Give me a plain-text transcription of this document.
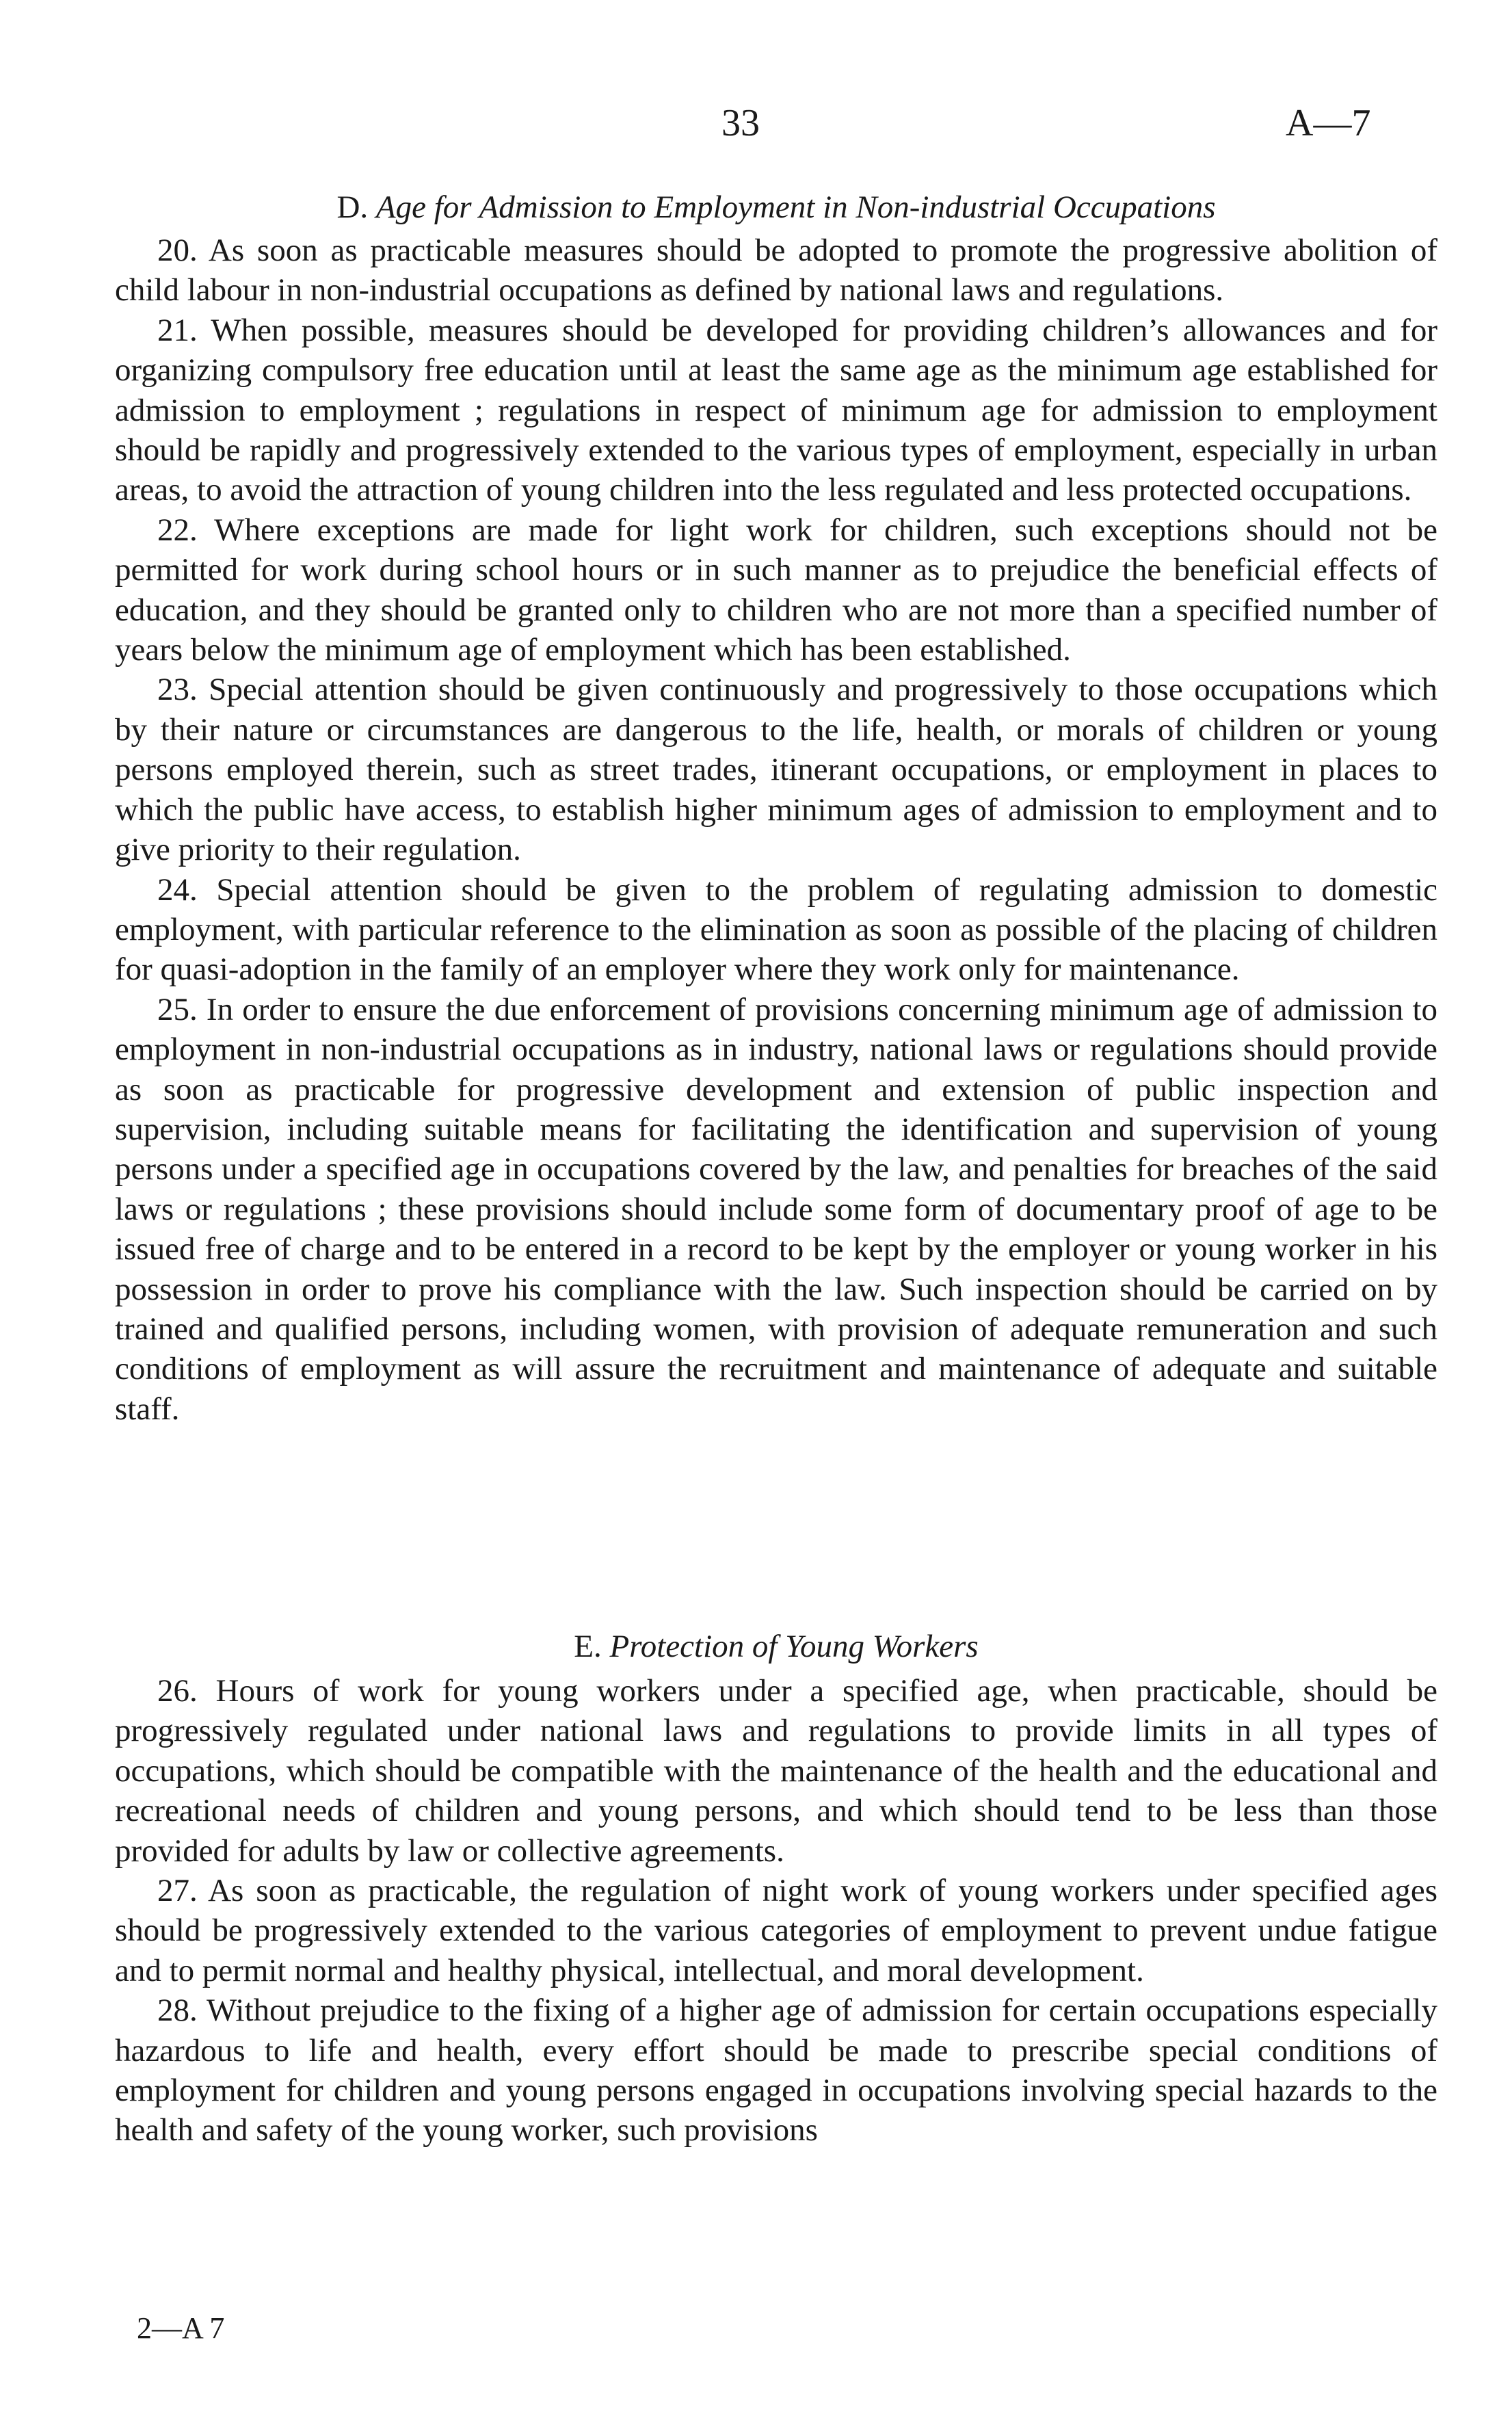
33	A—7
D. Age for Admission to Employment in Non-industrial Occupations

20. As soon as practicable measures should be adopted to promote the progressive abolition of child labour in non-industrial occupations as defined by national laws and regulations.

21. When possible, measures should be developed for providing children’s allowances and for organizing compulsory free education until at least the same age as the minimum age established for admission to employment ; regulations in respect of minimum age for admission to employment should be rapidly and progressively extended to the various types of employment, especially in urban areas, to avoid the attraction of young children into the less regulated and less protected occupations.

22. Where exceptions are made for light work for children, such exceptions should not be permitted for work during school hours or in such manner as to prejudice the beneficial effects of education, and they should be granted only to children who are not more than a specified number of years below the minimum age of employment which has been established.

23. Special attention should be given continuously and progressively to those occupations which by their nature or circumstances are dangerous to the life, health, or morals of children or young persons employed therein, such as street trades, itinerant occupations, or employment in places to which the public have access, to establish higher minimum ages of admission to employment and to give priority to their regulation.

24. Special attention should be given to the problem of regulating admission to domestic employment, with particular reference to the elimination as soon as possible of the placing of children for quasi-adoption in the family of an employer where they work only for maintenance.

25. In order to ensure the due enforcement of provisions concerning minimum age of admission to employment in non-industrial occupations as in industry, national laws or regulations should provide as soon as practicable for progressive development and extension of public inspection and supervision, including suitable means for facilitating the identification and supervision of young persons under a specified age in occupations covered by the law, and penalties for breaches of the said laws or regulations ; these provisions should include some form of documentary proof of age to be issued free of charge and to be entered in a record to be kept by the employer or young worker in his possession in order to prove his compliance with the law. Such inspection should be carried on by trained and qualified persons, including women, with provision of adequate remuneration and such conditions of employment as will assure the recruitment and maintenance of adequate and suitable staff.

E. Protection of Young Workers

26. Hours of work for young workers under a specified age, when practicable, should be progressively regulated under national laws and regulations to provide limits in all types of occupations, which should be compatible with the maintenance of the health and the educational and recreational needs of children and young persons, and which should tend to be less than those provided for adults by law or collective agreements.

27. As soon as practicable, the regulation of night work of young workers under specified ages should be progressively extended to the various categories of employment to prevent undue fatigue and to permit normal and healthy physical, intellectual, and moral development.

28. Without prejudice to the fixing of a higher age of admission for certain occupations especially hazardous to life and health, every effort should be made to prescribe special conditions of employment for children and young persons engaged in occupations involving special hazards to the health and safety of the young worker, such provisions

2—A 7
